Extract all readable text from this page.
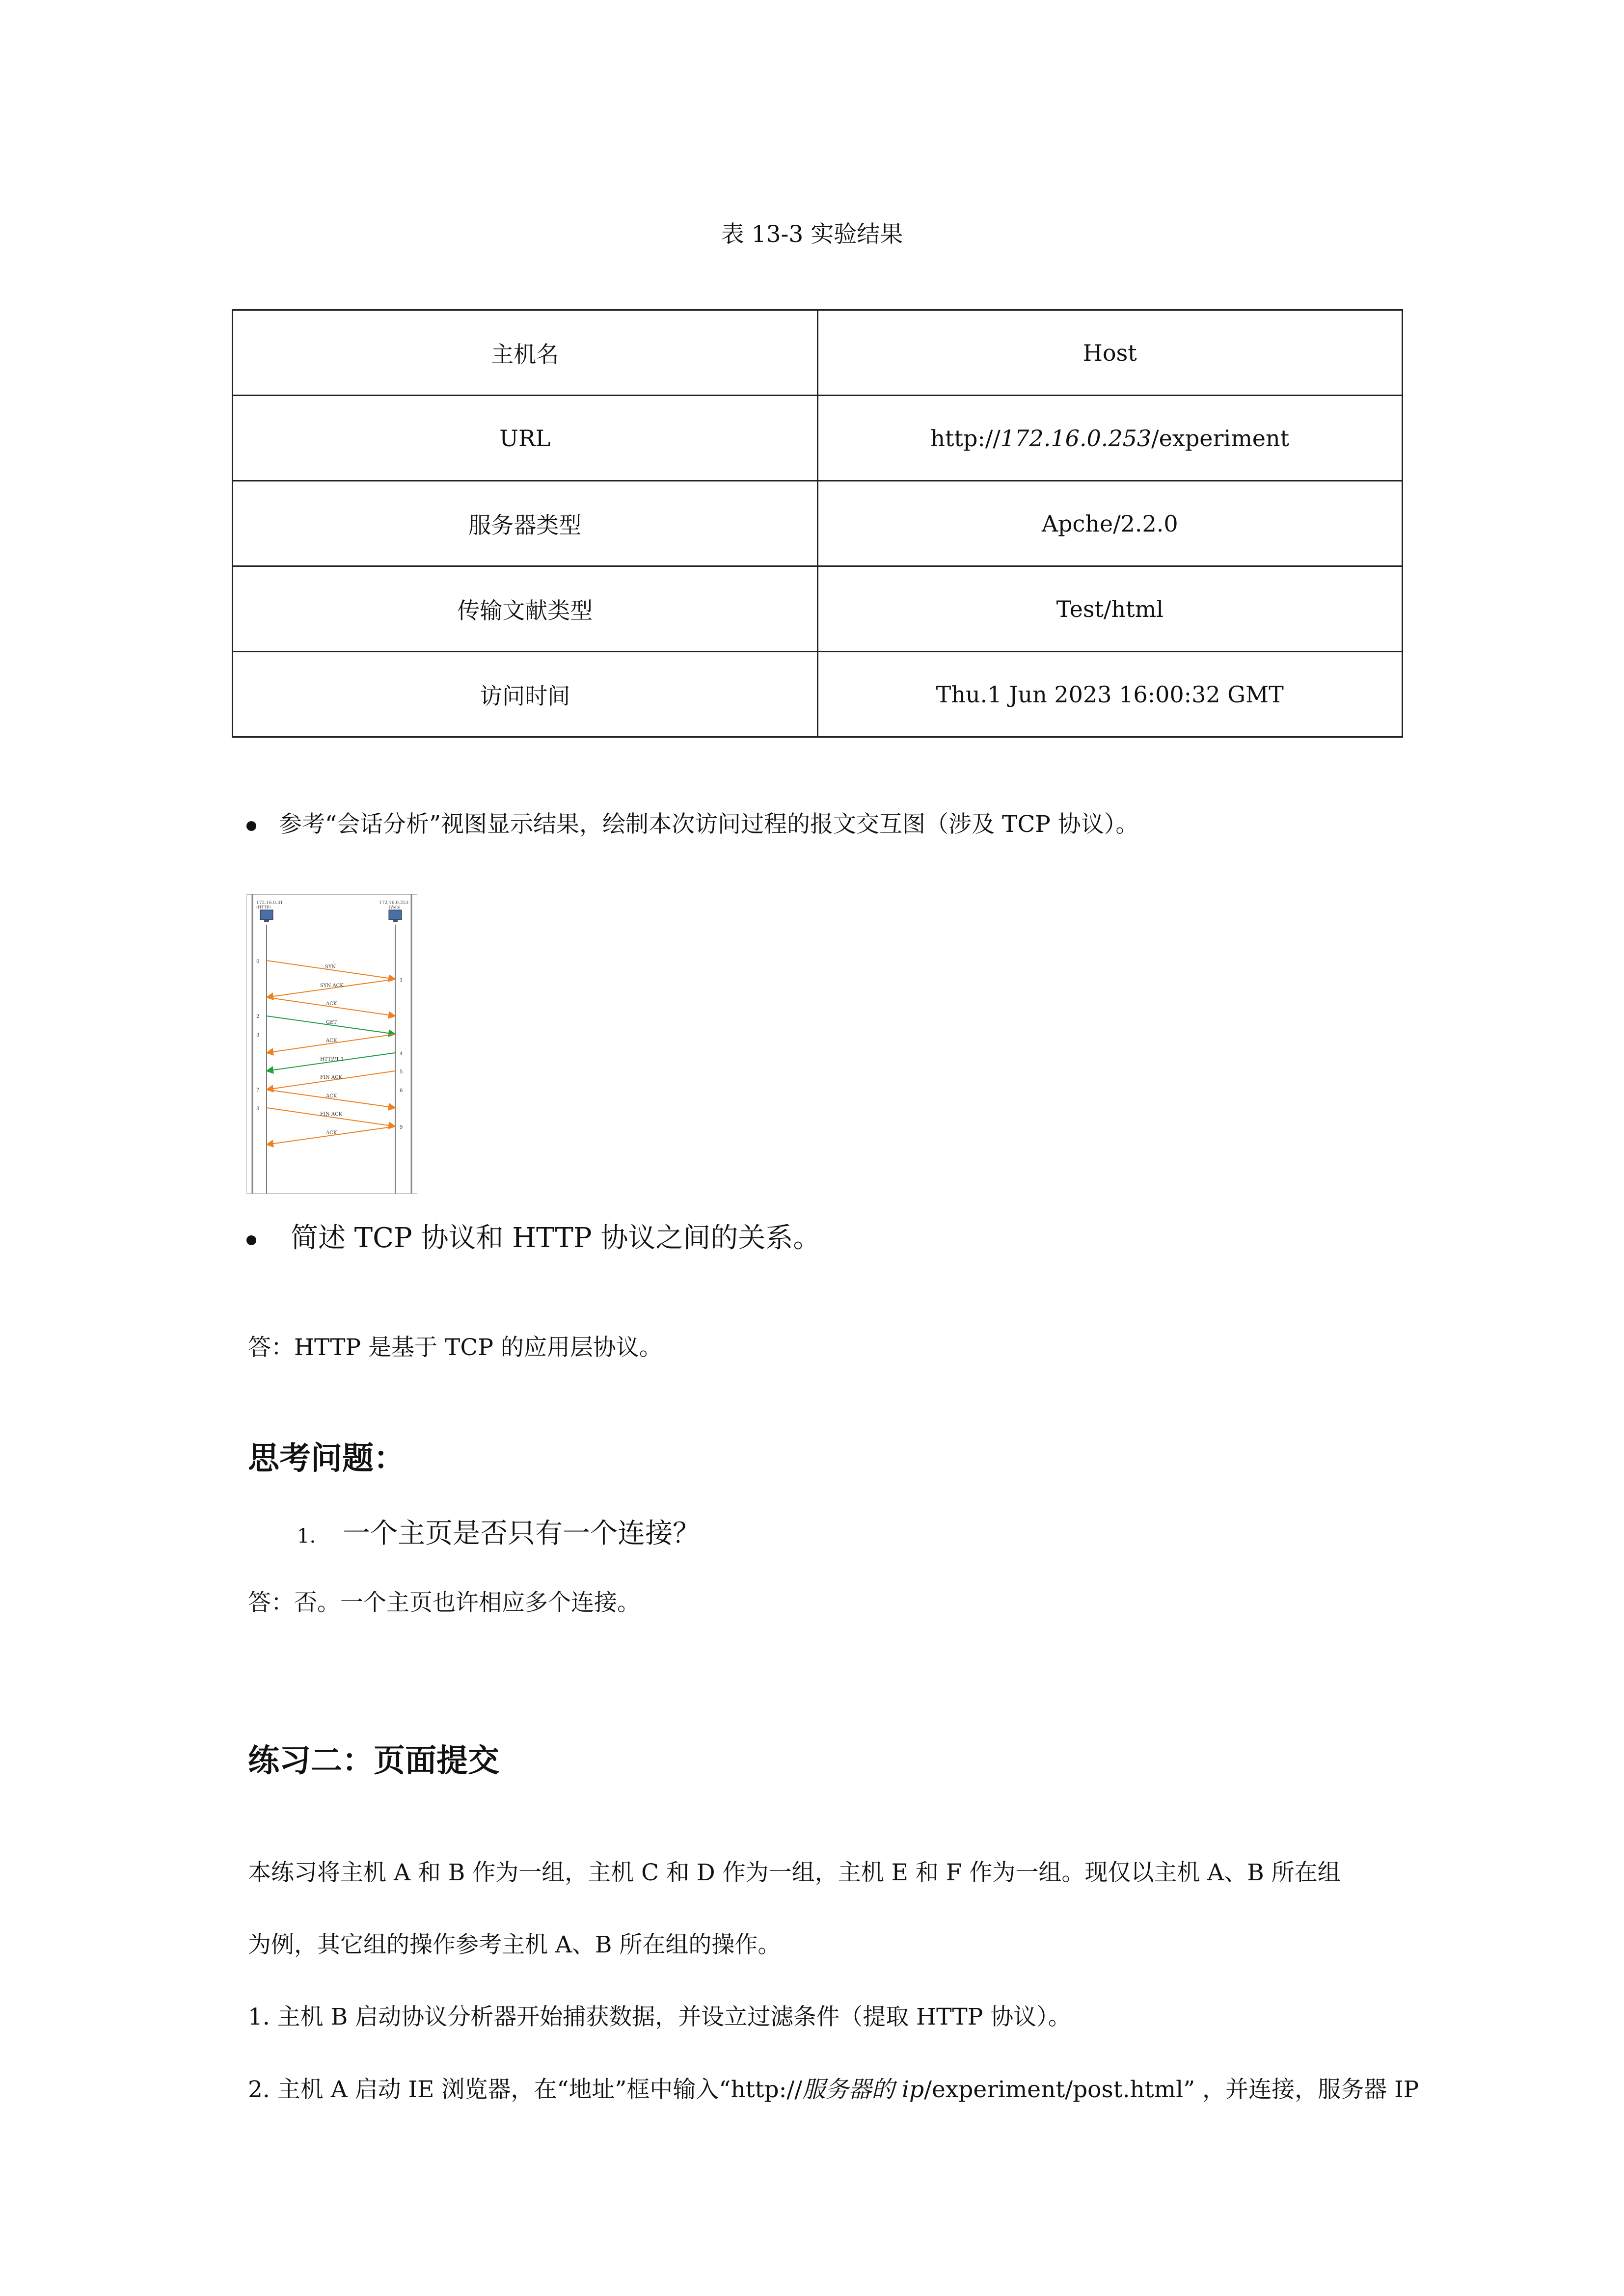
表 13-3 实验结果
主机名	Host
URL	http://172.16.0.253/experiment
服务器类型	Apche/2.2.0
传输文献类型	Test/html
访问时间	Thu.1 Jun 2023 16:00:32 GMT
参考“会话分析”视图显示结果，绘制本次访问过程的报文交互图（涉及 TCP 协议）。
172.16.0.31
(HTTP)
172.16.0.253
(Web)
0
2
3
7
8
1
4
5
6
9
SYN
SYN ACK
ACK
GET
ACK
HTTP/1.1
FIN ACK
ACK
FIN ACK
ACK
简述 TCP 协议和 HTTP 协议之间的关系。
答：HTTP 是基于 TCP 的应用层协议。
思考问题：
1. 一个主页是否只有一个连接？
答：否。一个主页也许相应多个连接。
练习二：页面提交
本练习将主机 A 和 B 作为一组，主机 C 和 D 作为一组，主机 E 和 F 作为一组。现仅以主机 A、B 所在组
为例，其它组的操作参考主机 A、B 所在组的操作。
1. 主机 B 启动协议分析器开始捕获数据，并设立过滤条件（提取 HTTP 协议）。
2. 主机 A 启动 IE 浏览器，在“地址”框中输入“http://服务器的 ip/experiment/post.html” ，并连接，服务器 IP
